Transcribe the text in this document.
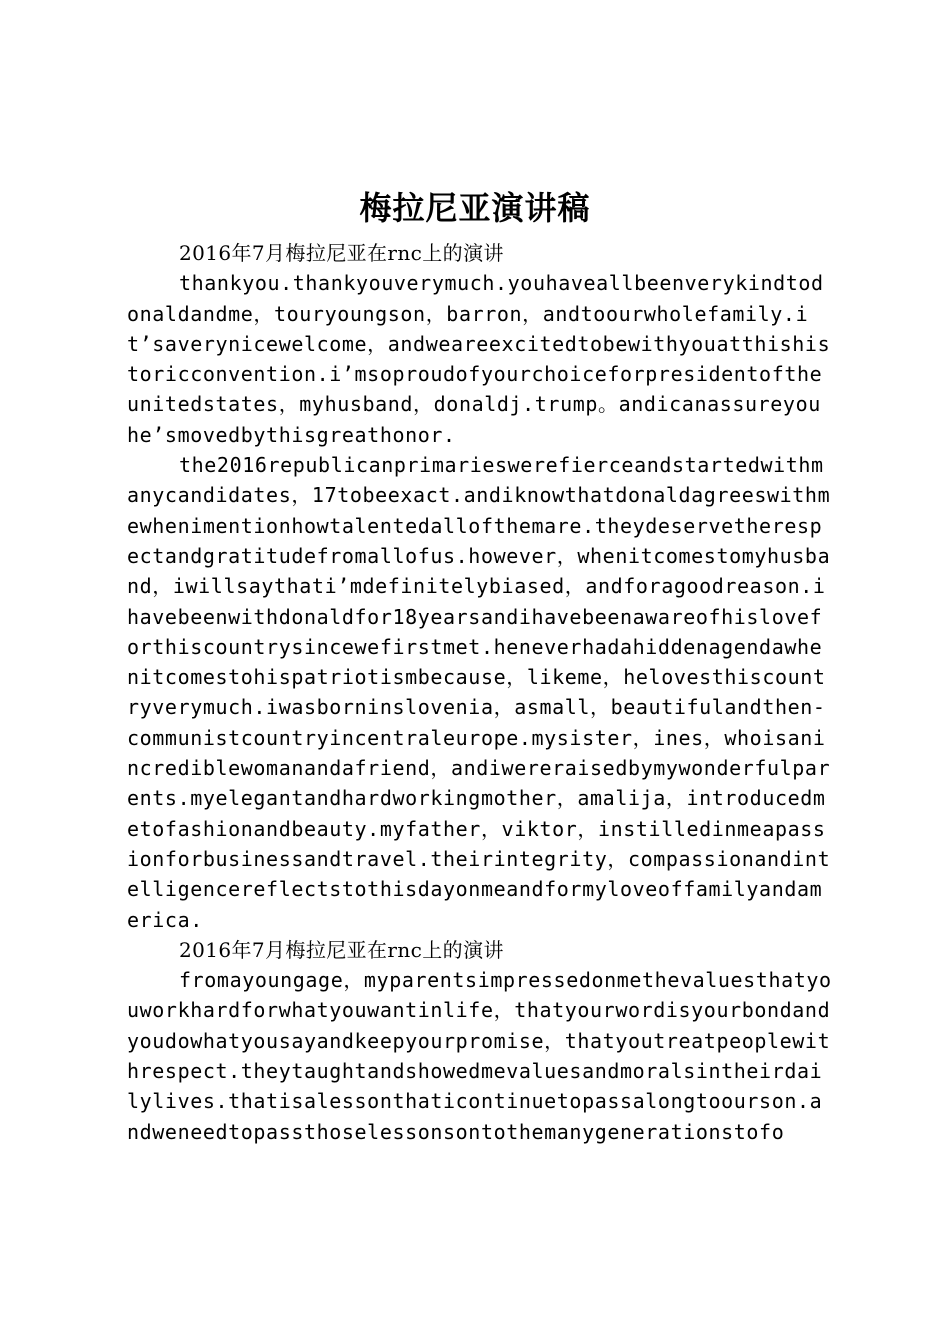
梅拉尼亚演讲稿

2016年7月梅拉尼亚在rnc上的演讲

thankyou.thankyouverymuch.youhaveallbeenverykindtodonaldandme，touryoungson，barron，andtoourwholefamily.it’saverynicewelcome，andweareexcitedtobewithyouatthishistoricconvention.i’msoproudofyourchoiceforpresidentoftheunitedstates，myhusband，donaldj.trump。andicanassureyouhe’smovedbythisgreathonor.

the2016republicanprimarieswerefierceandstartedwithmanycandidates，17tobeexact.andiknowthatdonaldagreeswithmewhenimentionhowtalentedallofthemare.theydeservetherespectandgratitudefromallofus.however，whenitcomestomyhusband，iwillsaythati’mdefinitelybiased，andforagoodreason.ihavebeenwithdonaldfor18yearsandihavebeenawareofhisloveforthiscountrysincewefirstmet.heneverhadahiddenagendawhenitcomestohispatriotismbecause，likeme，helovesthiscountryverymuch.iwasborninslovenia，asmall，beautifulandthen-communistcountryincentraleurope.mysister，ines，whoisanincrediblewomanandafriend，andiwereraisedbymywonderfulparents.myelegantandhardworkingmother，amalija，introducedmetofashionandbeauty.myfather，viktor，instilledinmeapassionforbusinessandtravel.theirintegrity，compassionandintelligencereflectstothisdayonmeandformyloveoffamilyandamerica.

2016年7月梅拉尼亚在rnc上的演讲

fromayoungage，myparentsimpressedonmethevaluesthatyouworkhardforwhatyouwantinlife，thatyourwordisyourbondandyoudowhatyousayandkeepyourpromise，thatyoutreatpeoplewithrespect.theytaughtandshowedmevaluesandmoralsintheirdailylives.thatisalessonthaticontinuetopassalongtoourson.andweneedtopassthoselessonsontothemanygenerationstofo
